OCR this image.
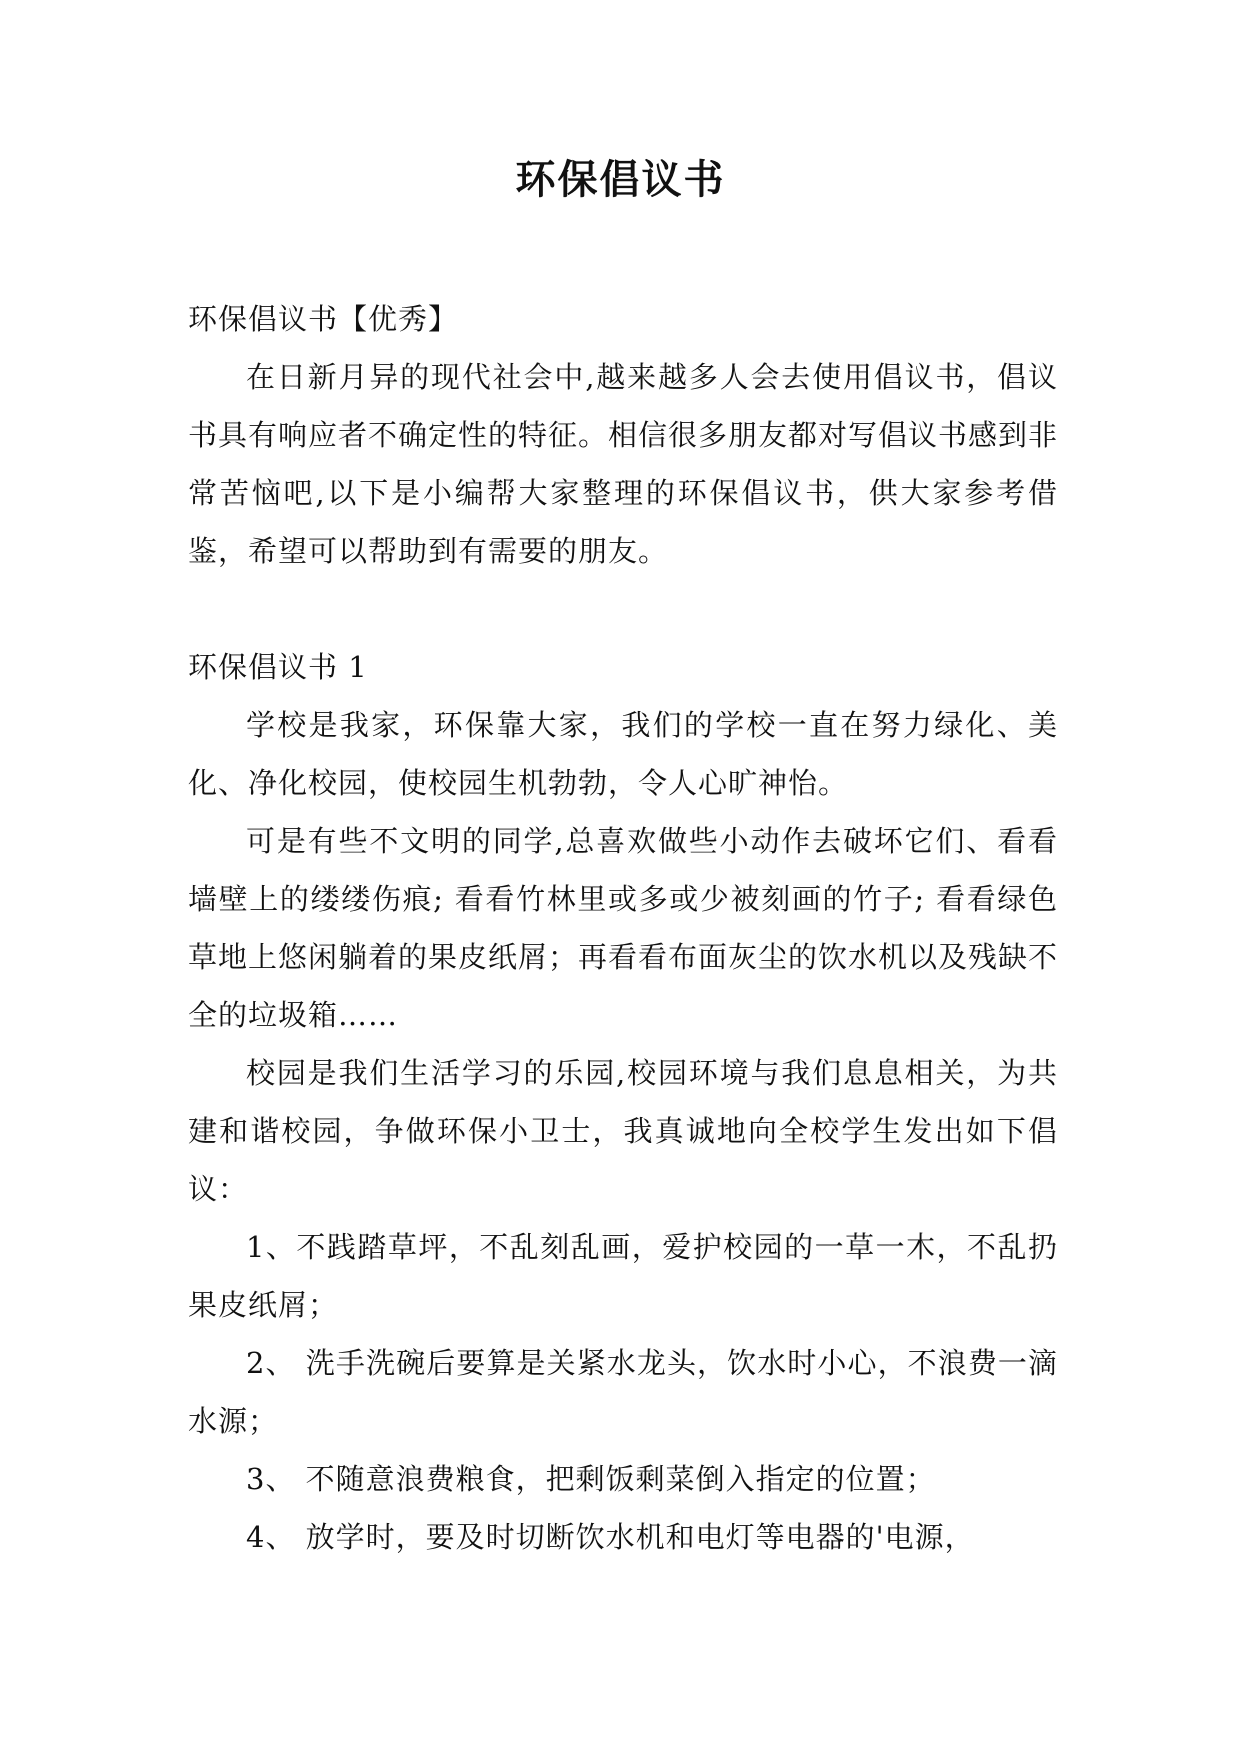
环保倡议书

环保倡议书【优秀】

在日新月异的现代社会中,越来越多人会去使用倡议书，倡议书具有响应者不确定性的特征。相信很多朋友都对写倡议书感到非常苦恼吧,以下是小编帮大家整理的环保倡议书，供大家参考借鉴，希望可以帮助到有需要的朋友。

环保倡议书 1

学校是我家，环保靠大家，我们的学校一直在努力绿化、美化、净化校园，使校园生机勃勃，令人心旷神怡。

可是有些不文明的同学,总喜欢做些小动作去破坏它们、看看墙壁上的缕缕伤痕; 看看竹林里或多或少被刻画的竹子; 看看绿色草地上悠闲躺着的果皮纸屑；再看看布面灰尘的饮水机以及残缺不全的垃圾箱……

校园是我们生活学习的乐园,校园环境与我们息息相关，为共建和谐校园，争做环保小卫士，我真诚地向全校学生发出如下倡议：

1、不践踏草坪，不乱刻乱画，爱护校园的一草一木，不乱扔果皮纸屑；

2、 洗手洗碗后要算是关紧水龙头，饮水时小心，不浪费一滴水源；

3、 不随意浪费粮食，把剩饭剩菜倒入指定的位置；

4、 放学时，要及时切断饮水机和电灯等电器的'电源，
